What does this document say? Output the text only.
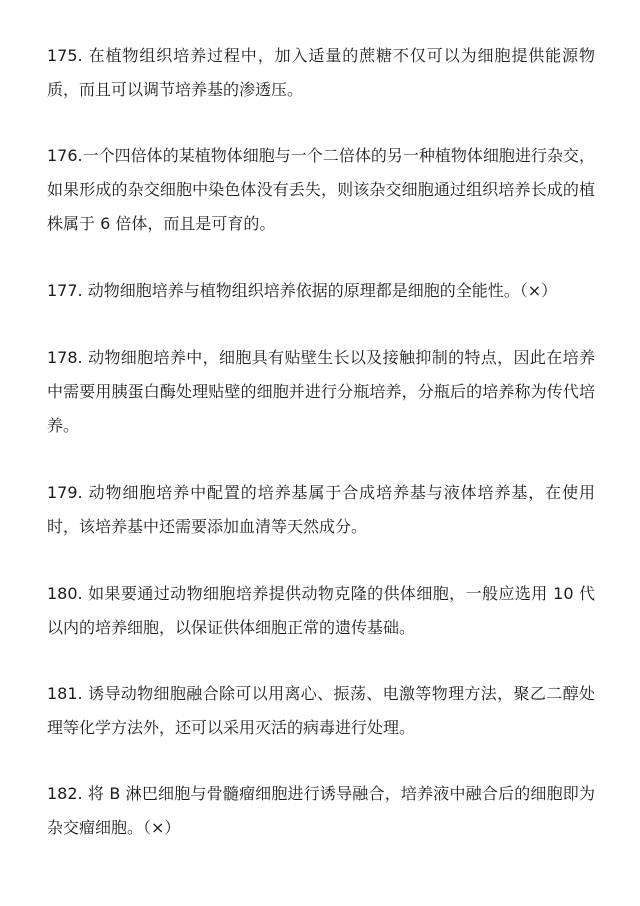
175. 在植物组织培养过程中，加入适量的蔗糖不仅可以为细胞提供能源物质，而且可以调节培养基的渗透压。

176.一个四倍体的某植物体细胞与一个二倍体的另一种植物体细胞进行杂交，如果形成的杂交细胞中染色体没有丢失，则该杂交细胞通过组织培养长成的植株属于 6 倍体，而且是可育的。

177. 动物细胞培养与植物组织培养依据的原理都是细胞的全能性。（×）

178. 动物细胞培养中，细胞具有贴壁生长以及接触抑制的特点，因此在培养中需要用胰蛋白酶处理贴壁的细胞并进行分瓶培养，分瓶后的培养称为传代培养。

179. 动物细胞培养中配置的培养基属于合成培养基与液体培养基，在使用时，该培养基中还需要添加血清等天然成分。

180. 如果要通过动物细胞培养提供动物克隆的供体细胞，一般应选用 10 代以内的培养细胞，以保证供体细胞正常的遗传基础。

181. 诱导动物细胞融合除可以用离心、振荡、电激等物理方法，聚乙二醇处理等化学方法外，还可以采用灭活的病毒进行处理。

182. 将 B 淋巴细胞与骨髓瘤细胞进行诱导融合，培养液中融合后的细胞即为杂交瘤细胞。（×）
